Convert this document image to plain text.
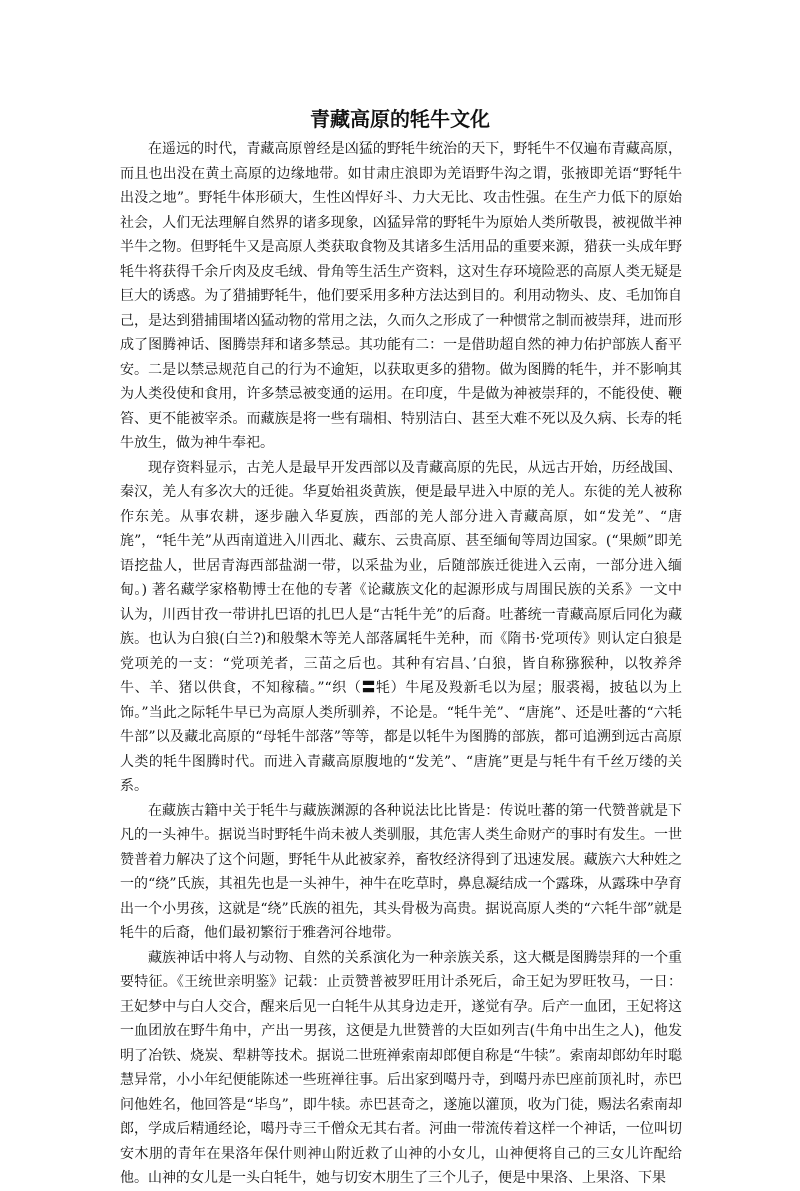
青藏高原的牦牛文化

在遥远的时代，青藏高原曾经是凶猛的野牦牛统治的天下，野牦牛不仅遍布青藏高原，而且也出没在黄土高原的边缘地带。如甘肃庄浪即为羌语野牛沟之谓，张掖即羌语“野牦牛出没之地”。野牦牛体形硕大，生性凶悍好斗、力大无比、攻击性强。在生产力低下的原始社会，人们无法理解自然界的诸多现象，凶猛异常的野牦牛为原始人类所敬畏，被视做半神半牛之物。但野牦牛又是高原人类获取食物及其诸多生活用品的重要来源，猎获一头成年野牦牛将获得千余斤肉及皮毛绒、骨角等生活生产资料，这对生存环境险恶的高原人类无疑是巨大的诱惑。为了猎捕野牦牛，他们要采用多种方法达到目的。利用动物头、皮、毛加饰自己，是达到猎捕围堵凶猛动物的常用之法，久而久之形成了一种惯常之制而被崇拜，进而形成了图腾神话、图腾崇拜和诸多禁忌。其功能有二：一是借助超自然的神力佑护部族人畜平安。二是以禁忌规范自己的行为不逾矩，以获取更多的猎物。做为图腾的牦牛，并不影响其为人类役使和食用，许多禁忌被变通的运用。在印度，牛是做为神被崇拜的，不能役使、鞭笞、更不能被宰杀。而藏族是将一些有瑞相、特别洁白、甚至大难不死以及久病、长寿的牦牛放生，做为神牛奉祀。

现存资料显示，古羌人是最早开发西部以及青藏高原的先民，从远古开始，历经战国、秦汉，羌人有多次大的迁徙。华夏始祖炎黄族，便是最早进入中原的羌人。东徙的羌人被称作东羌。从事农耕，逐步融入华夏族，西部的羌人部分进入青藏高原，如“发羌”、“唐旄”，“牦牛羌”从西南道进入川西北、藏东、云贵高原、甚至缅甸等周边国家。(“果颇”即羌语挖盐人，世居青海西部盐湖一带，以采盐为业，后随部族迁徙进入云南，一部分进入缅甸。) 著名藏学家格勒博士在他的专著《论藏族文化的起源形成与周围民族的关系》一文中认为，川西甘孜一带讲扎巴语的扎巴人是“古牦牛羌”的后裔。吐蕃统一青藏高原后同化为藏族。也认为白狼(白兰?)和般槃木等羌人部落属牦牛羌种，而《隋书·党项传》则认定白狼是党项羌的一支：“党项羌者，三苗之后也。其种有宕昌、’白狼，皆自称猕猴种，以牧养斧牛、羊、猪以供食，不知稼穑。”“织（〓牦）牛尾及羖新毛以为屋；服裘褐，披毡以为上饰。”当此之际牦牛早已为高原人类所驯养，不论是。“牦牛羌”、“唐旄”、还是吐蕃的“六牦牛部”以及藏北高原的“母牦牛部落”等等，都是以牦牛为图腾的部族，都可追溯到远古高原人类的牦牛图腾时代。而进入青藏高原腹地的“发羌”、“唐旄”更是与牦牛有千丝万缕的关系。

在藏族古籍中关于牦牛与藏族渊源的各种说法比比皆是：传说吐蕃的第一代赞普就是下凡的一头神牛。据说当时野牦牛尚未被人类驯服，其危害人类生命财产的事时有发生。一世赞普着力解决了这个问题，野牦牛从此被家养，畜牧经济得到了迅速发展。藏族六大种姓之一的“绕”氏族，其祖先也是一头神牛，神牛在吃草时，鼻息凝结成一个露珠，从露珠中孕育出一个小男孩，这就是“绕”氏族的祖先，其头骨极为高贵。据说高原人类的“六牦牛部”就是牦牛的后裔，他们最初繁衍于雅砻河谷地带。

藏族神话中将人与动物、自然的关系演化为一种亲族关系，这大概是图腾崇拜的一个重要特征。《王统世亲明鉴》记载：止贡赞普被罗旺用计杀死后，命王妃为罗旺牧马，一日：王妃梦中与白人交合，醒来后见一白牦牛从其身边走开，遂觉有孕。后产一血团，王妃将这一血团放在野牛角中，产出一男孩，这便是九世赞普的大臣如列吉(牛角中出生之人)，他发明了冶铁、烧炭、犁耕等技术。据说二世班禅索南却郎便自称是“牛犊”。索南却郎幼年时聪慧异常，小小年纪便能陈述一些班禅往事。后出家到噶丹寺，到噶丹赤巴座前顶礼时，赤巴问他姓名，他回答是“毕鸟”，即牛犊。赤巴甚奇之，遂施以灌顶，收为门徒，赐法名索南却郎，学成后精通经论，噶丹寺三千僧众无其右者。河曲一带流传着这样一个神话，一位叫切安木朋的青年在果洛年保什则神山附近救了山神的小女儿，山神便将自己的三女儿许配给他。山神的女儿是一头白牦牛，她与切安木朋生了三个儿子，便是中果洛、上果洛、下果
